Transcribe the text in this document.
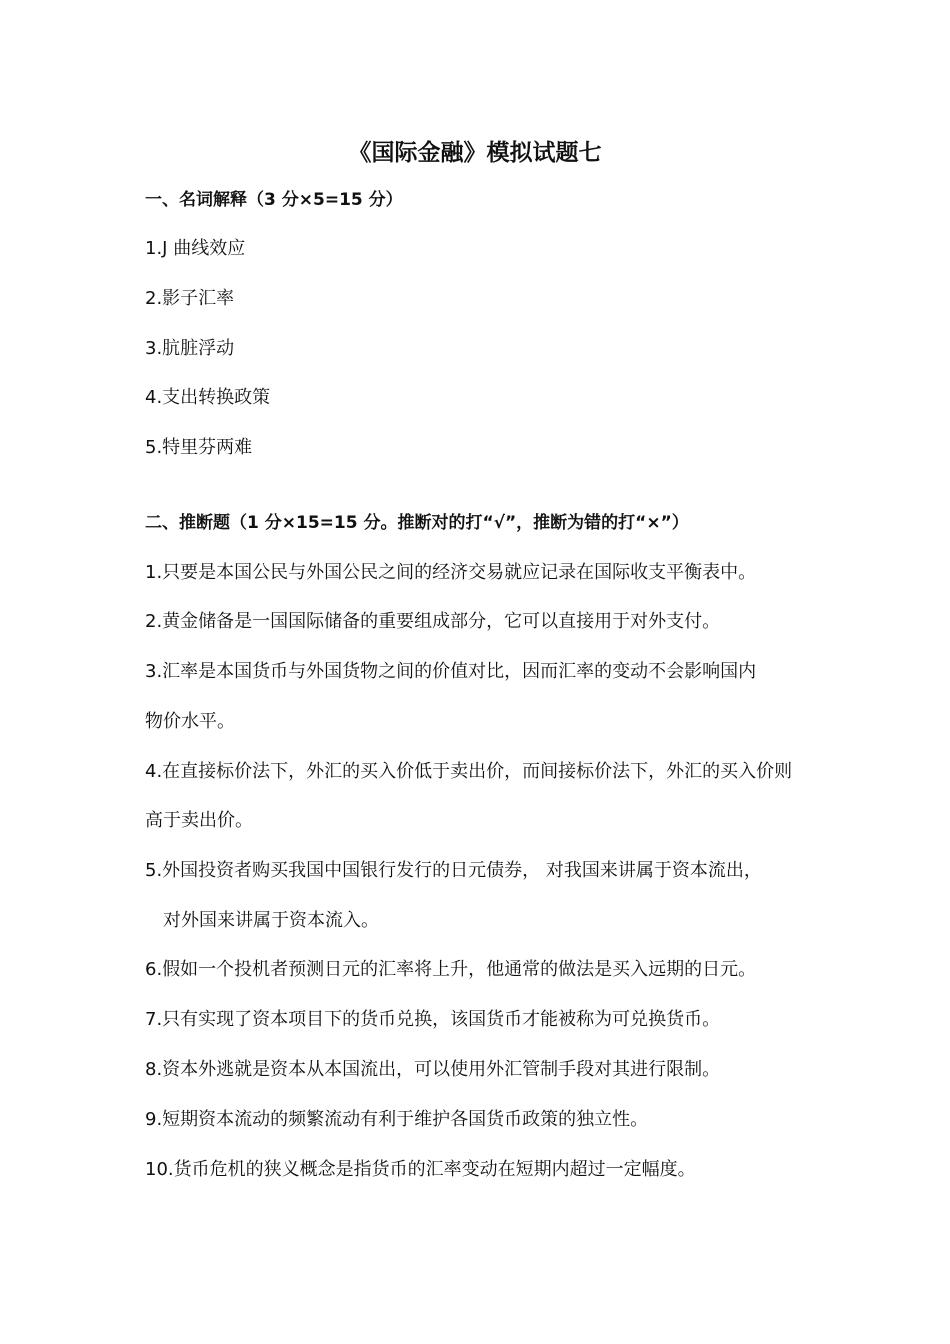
《国际金融》模拟试题七
一、名词解释（3 分×5=15 分）
1.J 曲线效应
2.影子汇率
3.肮脏浮动
4.支出转换政策
5.特里芬两难
二、推断题（1 分×15=15 分。推断对的打“√”，推断为错的打“×”）
1.只要是本国公民与外国公民之间的经济交易就应记录在国际收支平衡表中。
2.黄金储备是一国国际储备的重要组成部分，它可以直接用于对外支付。
3.汇率是本国货币与外国货物之间的价值对比，因而汇率的变动不会影响国内
物价水平。
4.在直接标价法下，外汇的买入价低于卖出价，而间接标价法下，外汇的买入价则
高于卖出价。
5.外国投资者购买我国中国银行发行的日元债券， 对我国来讲属于资本流出，
对外国来讲属于资本流入。
6.假如一个投机者预测日元的汇率将上升，他通常的做法是买入远期的日元。
7.只有实现了资本项目下的货币兑换，该国货币才能被称为可兑换货币。
8.资本外逃就是资本从本国流出，可以使用外汇管制手段对其进行限制。
9.短期资本流动的频繁流动有利于维护各国货币政策的独立性。
10.货币危机的狭义概念是指货币的汇率变动在短期内超过一定幅度。
